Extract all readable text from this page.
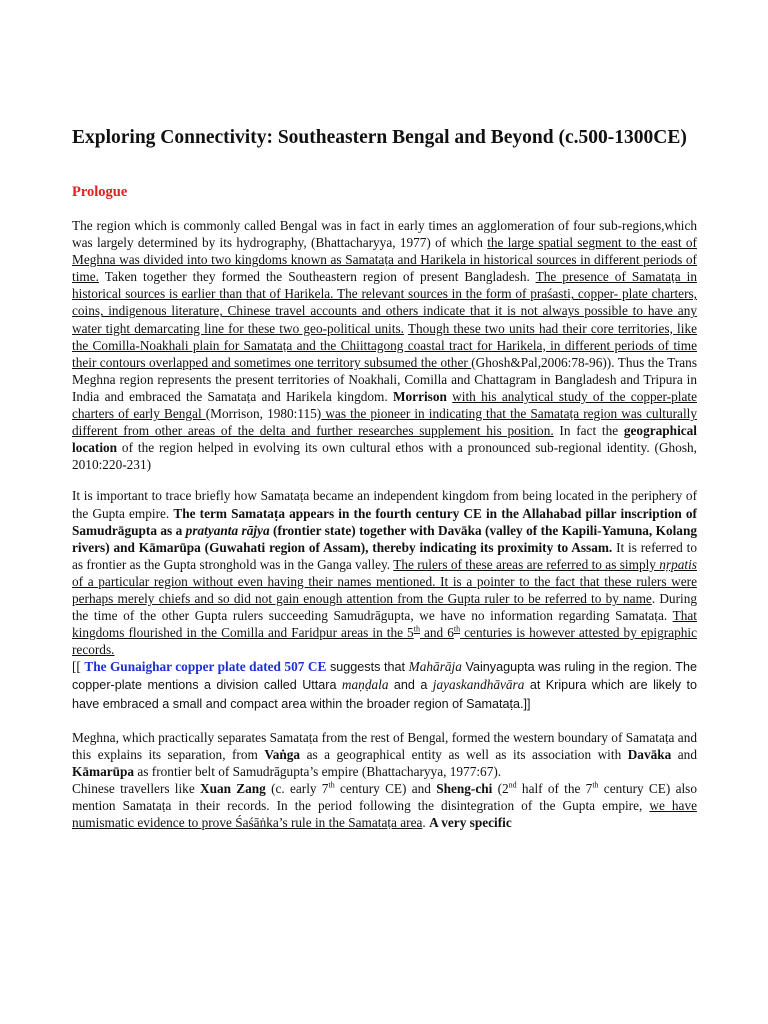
Exploring Connectivity: Southeastern Bengal and Beyond (c.500-1300CE)
Prologue

The region which is commonly called Bengal was in fact in early times an agglomeration of four sub-regions,which was largely determined by its hydrography, (Bhattacharyya, 1977) of which the large spatial segment to the east of Meghna was divided into two kingdoms known as Samataṭa and Harikela in historical sources in different periods of time. Taken together they formed the Southeastern region of present Bangladesh. The presence of Samataṭa in historical sources is earlier than that of Harikela. The relevant sources in the form of praśasti, copper- plate charters, coins, indigenous literature, Chinese travel accounts and others indicate that it is not always possible to have any water tight demarcating line for these two geo-political units. Though these two units had their core territories, like the Comilla-Noakhali plain for Samataṭa and the Chiittagong coastal tract for Harikela, in different periods of time their contours overlapped and sometimes one territory subsumed the other (Ghosh&Pal,2006:78-96)). Thus the Trans Meghna region represents the present territories of Noakhali, Comilla and Chattagram in Bangladesh and Tripura in India and embraced the Samataṭa and Harikela kingdom. Morrison with his analytical study of the copper-plate charters of early Bengal (Morrison, 1980:115) was the pioneer in indicating that the Samataṭa region was culturally different from other areas of the delta and further researches supplement his position. In fact the geographical location of the region helped in evolving its own cultural ethos with a pronounced sub-regional identity. (Ghosh, 2010:220-231)

It is important to trace briefly how Samataṭa became an independent kingdom from being located in the periphery of the Gupta empire. The term Samataṭa appears in the fourth century CE in the Allahabad pillar inscription of Samudrāgupta as a pratyanta rājya (frontier state) together with Davāka (valley of the Kapili-Yamuna, Kolang rivers) and Kāmarūpa (Guwahati region of Assam), thereby indicating its proximity to Assam. It is referred to as frontier as the Gupta stronghold was in the Ganga valley. The rulers of these areas are referred to as simply nṛpatis of a particular region without even having their names mentioned. It is a pointer to the fact that these rulers were perhaps merely chiefs and so did not gain enough attention from the Gupta ruler to be referred to by name. During the time of the other Gupta rulers succeeding Samudrāgupta, we have no information regarding Samataṭa. That kingdoms flourished in the Comilla and Faridpur areas in the 5th and 6th centuries is however attested by epigraphic records.

[[ The Gunaighar copper plate dated 507 CE suggests that Mahārāja Vainyagupta was ruling in the region. The copper-plate mentions a division called Uttara maṇḍala and a jayaskandhāvāra at Kripura which are likely to have embraced a small and compact area within the broader region of Samataṭa.]]

Meghna, which practically separates Samataṭa from the rest of Bengal, formed the western boundary of Samataṭa and this explains its separation, from Vaṅga as a geographical entity as well as its association with Davāka and Kāmarūpa as frontier belt of Samudrāgupta’s empire (Bhattacharyya, 1977:67).

Chinese travellers like Xuan Zang (c. early 7th century CE) and Sheng-chi (2nd half of the 7th century CE) also mention Samataṭa in their records. In the period following the disintegration of the Gupta empire, we have numismatic evidence to prove Śaśāṅka’s rule in the Samataṭa area. A very specific
